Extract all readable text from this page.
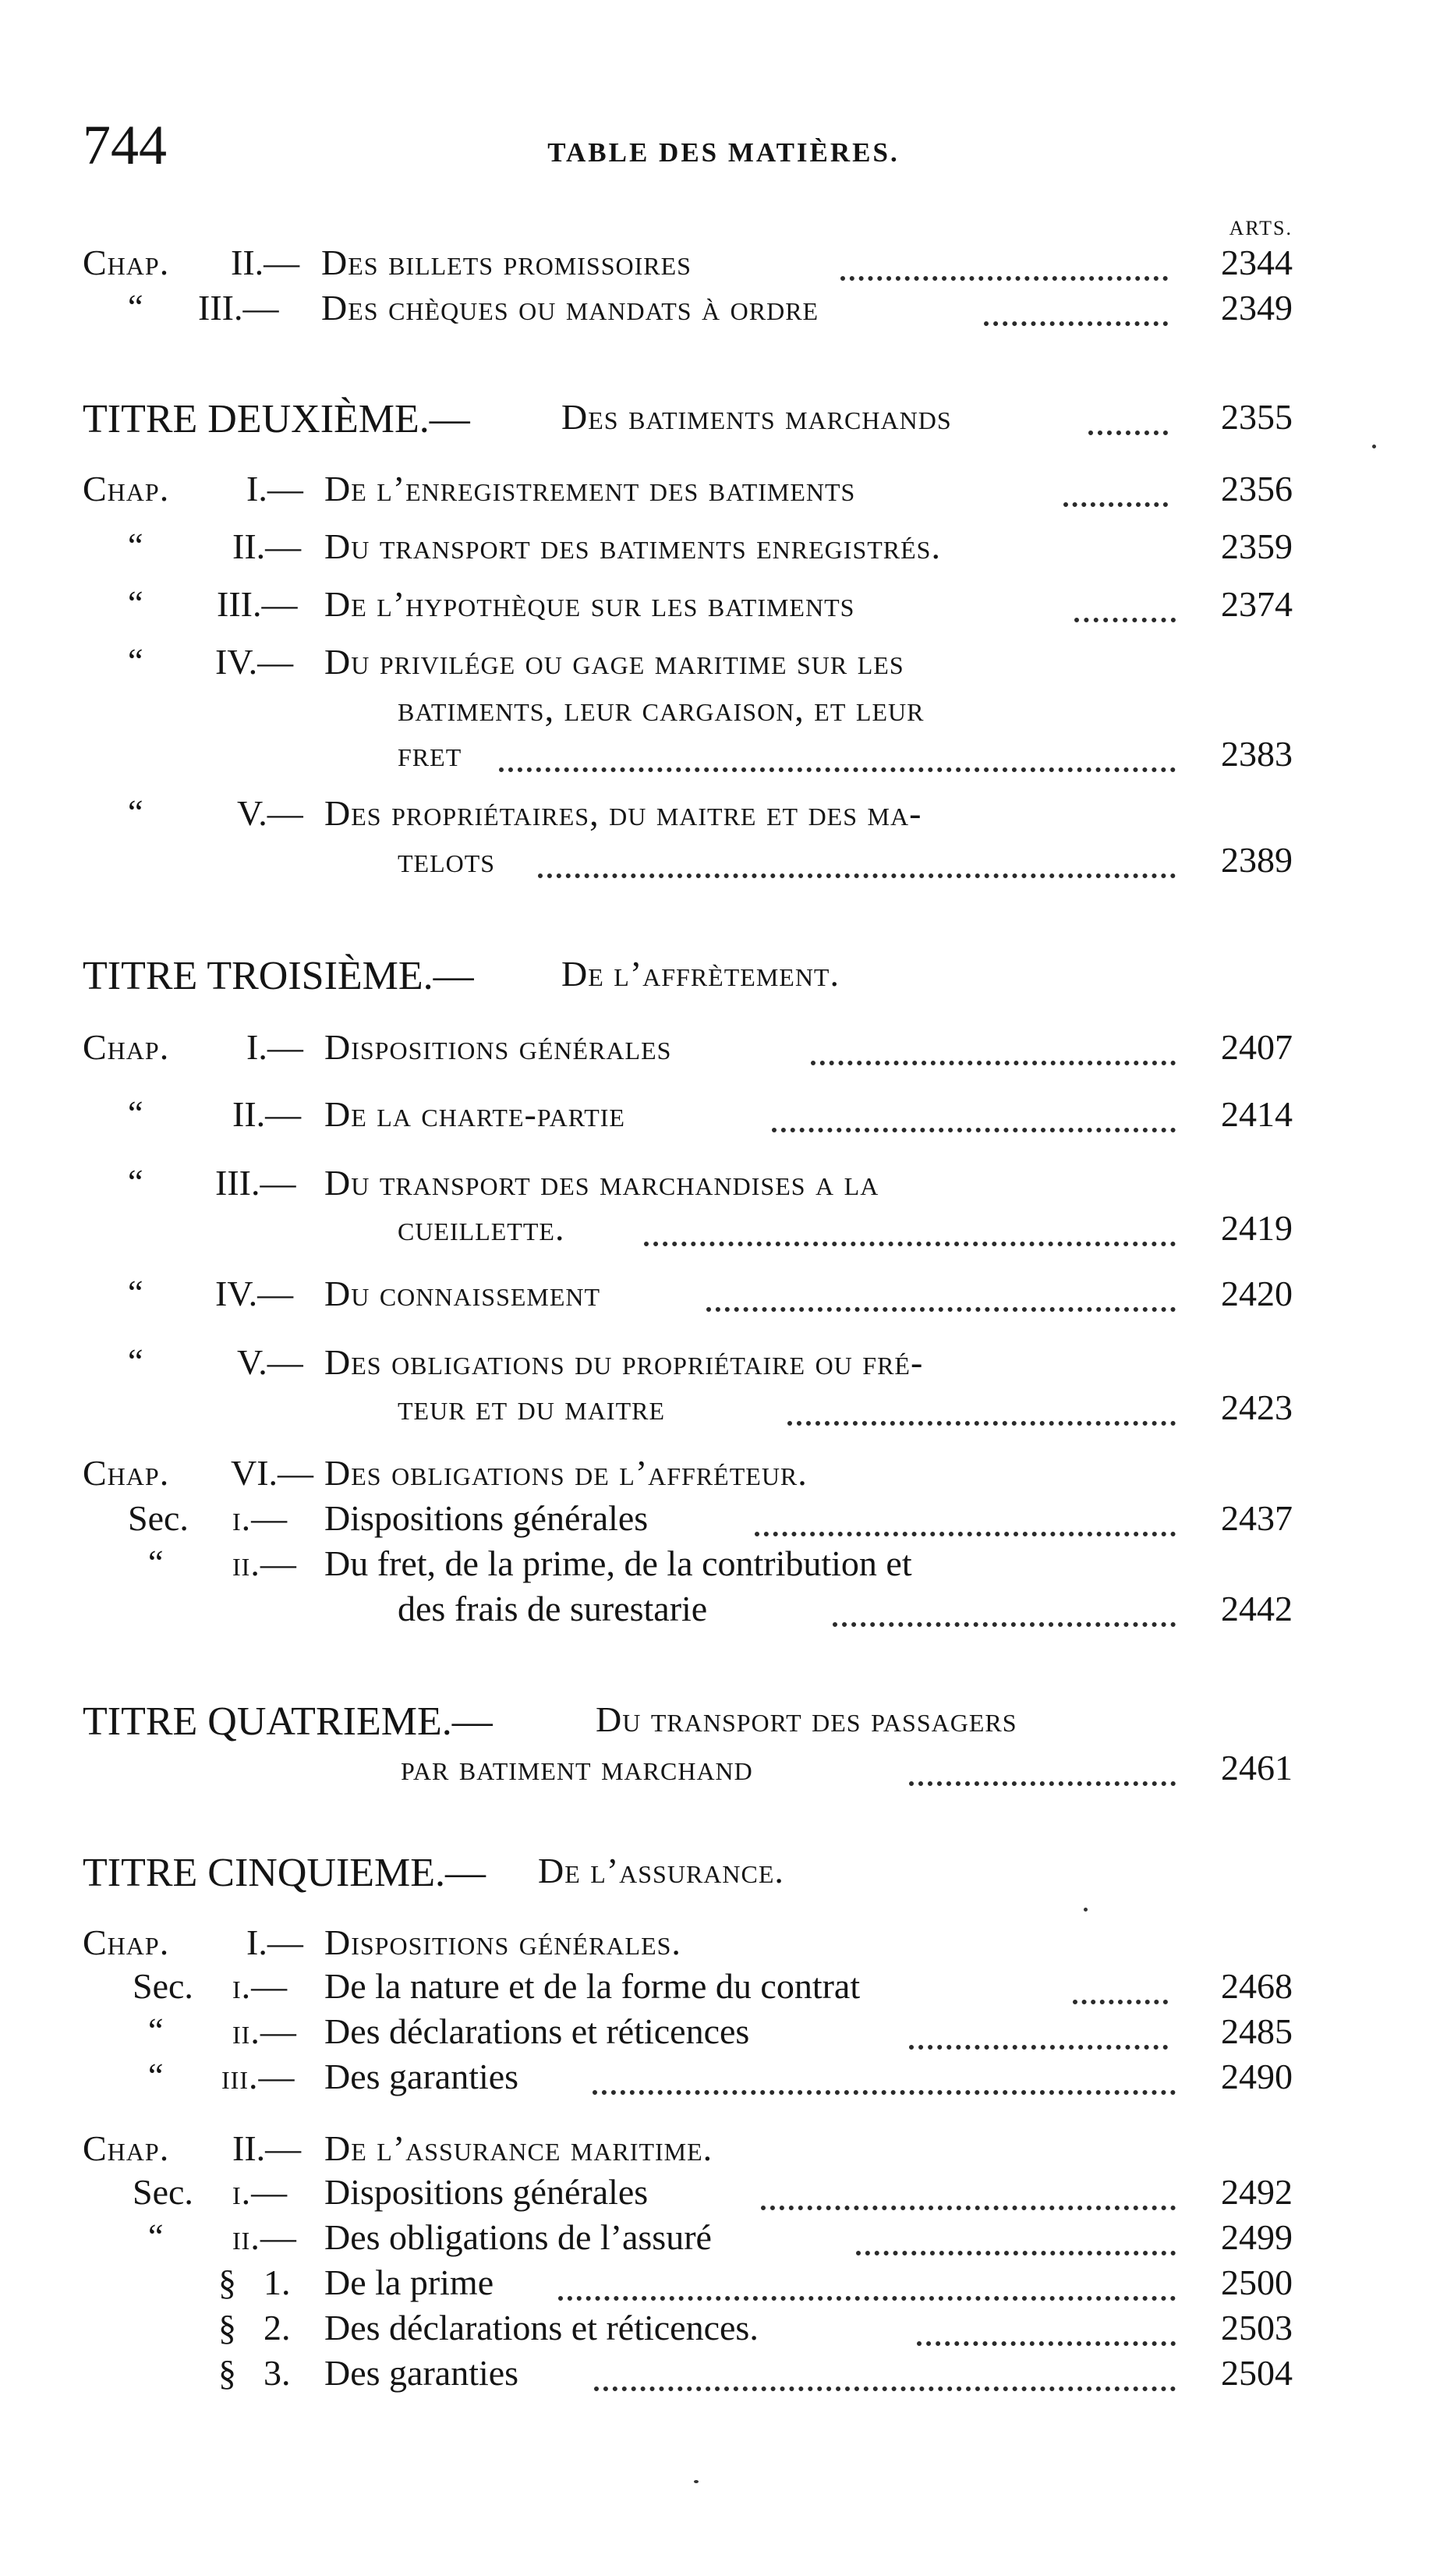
744	TABLE DES MATIÈRES.
ARTS.
Chap. II.— Des billets promissoires	2344
“ III.— Des chèques ou mandats à ordre	2349
TITRE DEUXIÈME.—	Des batiments marchands	2355
Chap. I.— De l’enregistrement des batiments	2356
“ II.— Du transport des batiments enregistrés.	2359
“ III.— De l’hypothèque sur les batiments	2374
“ IV.— Du privilége ou gage maritime sur les
batiments, leur cargaison, et leur
fret	2383
“	V.— Des propriétaires, du maitre et des ma-
telots	2389
TITRE TROISIÈME.— De l’affrètement.
Chap. I.— Dispositions générales	2407
“ II.— De la charte-partie	2414
“ III.— Du transport des marchandises a la
cueillette.	2419
“ IV.— Du connaissement	2420
“	V.— Des obligations du propriétaire ou fré-
teur et du maitre	2423
Chap. VI.— Des obligations de l’affréteur.
Sec. i.— Dispositions générales	2437
“ ii.— Du fret, de la prime, de la contribution et
des frais de surestarie	2442
TITRE QUATRIEME.—	Du transport des passagers
par batiment marchand	2461
TITRE CINQUIEME.— De l’assurance.
Chap. I.— Dispositions générales.
Sec. i.— De la nature et de la forme du contrat	2468
“ ii.— Des déclarations et réticences	2485
“ iii.— Des garanties	2490
Chap. II.— De l’assurance maritime.
Sec. i.— Dispositions générales	2492
“ ii.— Des obligations de l’assuré	2499
§ 1. De la prime	2500
§ 2. Des déclarations et réticences.	2503
§ 3. Des garanties	2504
